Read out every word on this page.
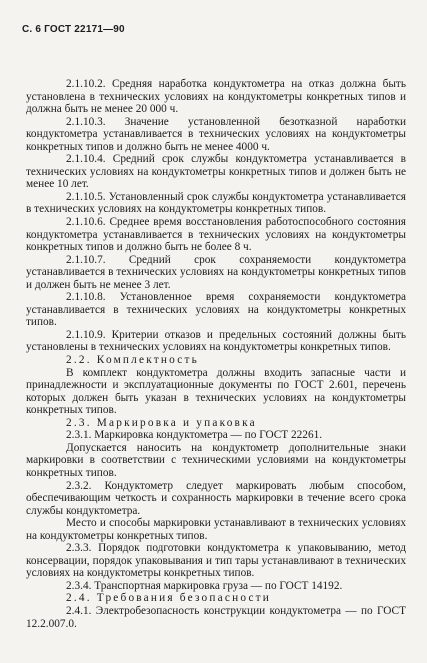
С. 6 ГОСТ 22171—90

2.1.10.2. Средняя наработка кондуктометра на отказ должна быть установлена в технических условиях на кондуктометры конкретных типов и должна быть не менее 20 000 ч.

2.1.10.3. Значение установленной безотказной наработки кондуктометра устанавливается в технических условиях на кондуктометры конкретных типов и должно быть не менее 4000 ч.

2.1.10.4. Средний срок службы кондуктометра устанавливается в технических условиях на кондуктометры конкретных типов и должен быть не менее 10 лет.

2.1.10.5. Установленный срок службы кондуктометра устанавливается в технических условиях на кондуктометры конкретных типов.

2.1.10.6. Среднее время восстановления работоспособного состояния кондуктометра устанавливается в технических условиях на кондуктометры конкретных типов и должно быть не более 8 ч.

2.1.10.7. Средний срок сохраняемости кондуктометра устанавливается в технических условиях на кондуктометры конкретных типов и должен быть не менее 3 лет.

2.1.10.8. Установленное время сохраняемости кондуктометра устанавливается в технических условиях на кондуктометры конкретных типов.

2.1.10.9. Критерии отказов и предельных состояний должны быть установлены в технических условиях на кондуктометры конкретных типов.

2.2. Комплектность

В комплект кондуктометра должны входить запасные части и принадлежности и эксплуатационные документы по ГОСТ 2.601, перечень которых должен быть указан в технических условиях на кондуктометры конкретных типов.

2.3. Маркировка и упаковка

2.3.1. Маркировка кондуктометра — по ГОСТ 22261.

Допускается наносить на кондуктометр дополнительные знаки маркировки в соответствии с техническими условиями на кондуктометры конкретных типов.

2.3.2. Кондуктометр следует маркировать любым способом, обеспечивающим четкость и сохранность маркировки в течение всего срока службы кондуктометра.

Место и способы маркировки устанавливают в технических условиях на кондуктометры конкретных типов.

2.3.3. Порядок подготовки кондуктометра к упаковыванию, метод консервации, порядок упаковывания и тип тары устанавливают в технических условиях на кондуктометры конкретных типов.

2.3.4. Транспортная маркировка груза — по ГОСТ 14192.

2.4. Требования безопасности

2.4.1. Электробезопасность конструкции кондуктометра — по ГОСТ 12.2.007.0.
